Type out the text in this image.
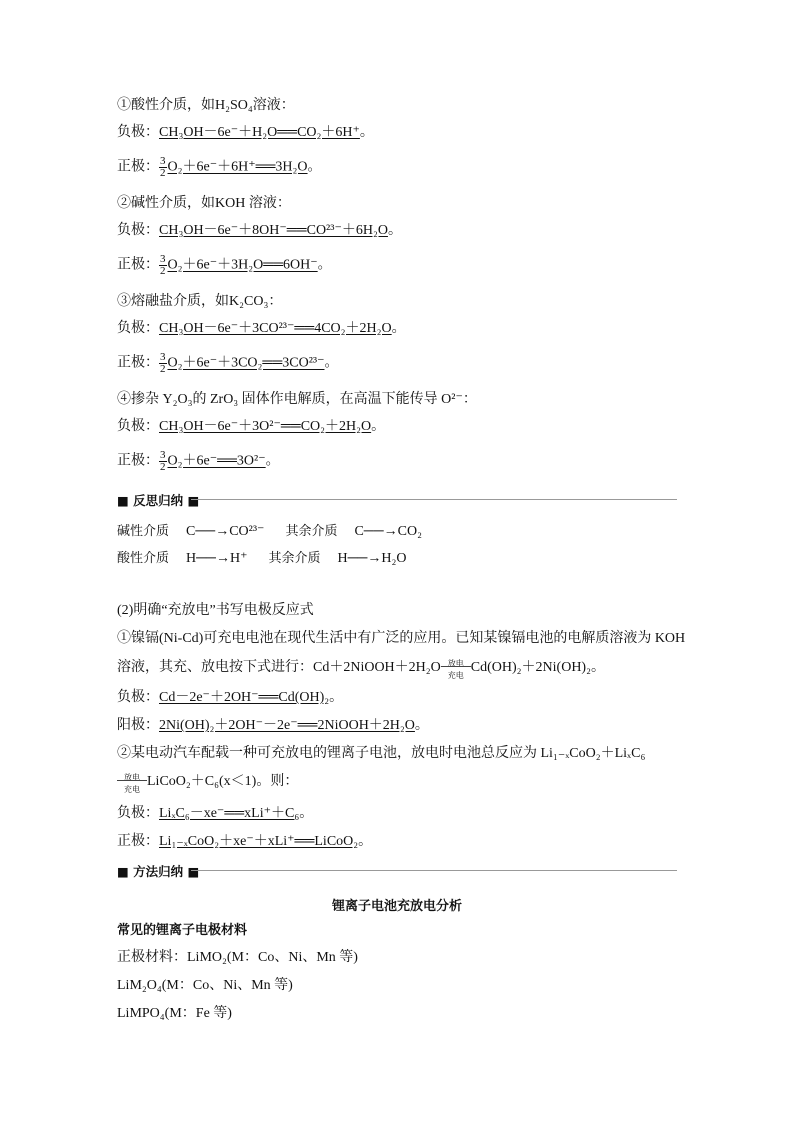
①酸性介质，如H₂SO₄溶液：
负极：CH₃OH－6e⁻＋H₂O══CO₂＋6H⁺。
正极： $\frac{3}{2}$ O₂＋6e⁻＋6H⁺══3H₂O。
②碱性介质，如KOH 溶液：
负极：CH₃OH－6e⁻＋8OH⁻══CO²³⁻＋6H₂O。
正极： $\frac{3}{2}$ O₂＋6e⁻＋3H₂O══6OH⁻。
③熔融盐介质，如K₂CO₃：
负极：CH₃OH－6e⁻＋3CO²³⁻══4CO₂＋2H₂O。
正极： $\frac{3}{2}$ O₂＋6e⁻＋3CO₂══3CO²³⁻。
④掺杂 Y₂O₃的 ZrO₃ 固体作电解质，在高温下能传导 O²⁻：
负极：CH₃OH－6e⁻＋3O²⁻══CO₂＋2H₂O。
正极： $\frac{3}{2}$ O₂＋6e⁻══3O²⁻。
■ 反思归纳 ■
碱性介质 C──→CO²³⁻ 其余介质 C──→CO₂
酸性介质 H──→H⁺ 其余介质 H──→H₂O
(2)明确“充放电”书写电极反应式
①镍镉(Ni-Cd)可充电电池在现代生活中有广泛的应用。已知某镍镉电池的电解质溶液为 KOH
溶液，其充、放电按下式进行：Cd＋2NiOOH＋2H₂O 放电
充电
Cd(OH)₂＋2Ni(OH)₂。
负极：Cd－2e⁻＋2OH⁻══Cd(OH)₂。
阳极：2Ni(OH)₂＋2OH⁻－2e⁻══2NiOOH＋2H₂O。
②某电动汽车配载一种可充放电的锂离子电池，放电时电池总反应为 Li₁₋ₓCoO₂＋LiₓC₆
放电
充电
LiCoO₂＋C₆(x＜1)。则：
负极：LiₓC₆－xe⁻══xLi⁺＋C₆。
正极：Li₁₋ₓCoO₂＋xe⁻＋xLi⁺══LiCoO₂。
■ 方法归纳 ■
锂离子电池充放电分析
常见的锂离子电极材料
正极材料：LiMO₂(M：Co、Ni、Mn 等)
LiM₂O₄(M：Co、Ni、Mn 等)
LiMPO₄(M：Fe 等)
